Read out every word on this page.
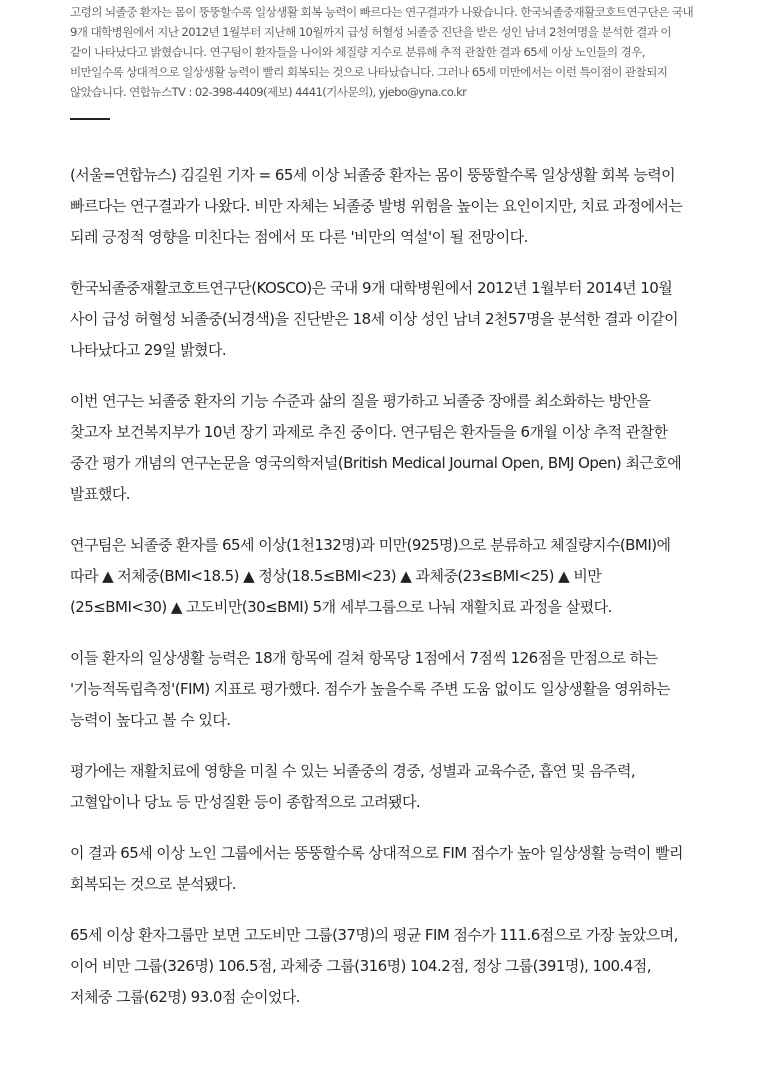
고령의 뇌졸중 환자는 몸이 뚱뚱할수록 일상생활 회복 능력이 빠르다는 연구결과가 나왔습니다. 한국뇌졸중재활코호트연구단은 국내 9개 대학병원에서 지난 2012년 1월부터 지난해 10월까지 급성 허혈성 뇌졸중 진단을 받은 성인 남녀 2천여명을 분석한 결과 이 같이 나타났다고 밝혔습니다. 연구팀이 환자들을 나이와 체질량 지수로 분류해 추적 관찰한 결과 65세 이상 노인들의 경우, 비만일수록 상대적으로 일상생활 능력이 빨리 회복되는 것으로 나타났습니다. 그러나 65세 미만에서는 이런 특이점이 관찰되지 않았습니다. 연합뉴스TV : 02-398-4409(제보) 4441(기사문의), yjebo@yna.co.kr

(서울=연합뉴스) 김길원 기자 = 65세 이상 뇌졸중 환자는 몸이 뚱뚱할수록 일상생활 회복 능력이 빠르다는 연구결과가 나왔다. 비만 자체는 뇌졸중 발병 위험을 높이는 요인이지만, 치료 과정에서는 되레 긍정적 영향을 미친다는 점에서 또 다른 '비만의 역설'이 될 전망이다.

한국뇌졸중재활코호트연구단(KOSCO)은 국내 9개 대학병원에서 2012년 1월부터 2014년 10월 사이 급성 허혈성 뇌졸중(뇌경색)을 진단받은 18세 이상 성인 남녀 2천57명을 분석한 결과 이같이 나타났다고 29일 밝혔다.

이번 연구는 뇌졸중 환자의 기능 수준과 삶의 질을 평가하고 뇌졸중 장애를 최소화하는 방안을 찾고자 보건복지부가 10년 장기 과제로 추진 중이다. 연구팀은 환자들을 6개월 이상 추적 관찰한 중간 평가 개념의 연구논문을 영국의학저널(British Medical Journal Open, BMJ Open) 최근호에 발표했다.

연구팀은 뇌졸중 환자를 65세 이상(1천132명)과 미만(925명)으로 분류하고 체질량지수(BMI)에 따라 ▲ 저체중(BMI<18.5) ▲ 정상(18.5≤BMI<23) ▲ 과체중(23≤BMI<25) ▲ 비만(25≤BMI<30) ▲ 고도비만(30≤BMI) 5개 세부그룹으로 나눠 재활치료 과정을 살폈다.

이들 환자의 일상생활 능력은 18개 항목에 걸쳐 항목당 1점에서 7점씩 126점을 만점으로 하는 '기능적독립측정'(FIM) 지표로 평가했다. 점수가 높을수록 주변 도움 없이도 일상생활을 영위하는 능력이 높다고 볼 수 있다.

평가에는 재활치료에 영향을 미칠 수 있는 뇌졸중의 경중, 성별과 교육수준, 흡연 및 음주력, 고혈압이나 당뇨 등 만성질환 등이 종합적으로 고려됐다.

이 결과 65세 이상 노인 그룹에서는 뚱뚱할수록 상대적으로 FIM 점수가 높아 일상생활 능력이 빨리 회복되는 것으로 분석됐다.

65세 이상 환자그룹만 보면 고도비만 그룹(37명)의 평균 FIM 점수가 111.6점으로 가장 높았으며, 이어 비만 그룹(326명) 106.5점, 과체중 그룹(316명) 104.2점, 정상 그룹(391명), 100.4점, 저체중 그룹(62명) 93.0점 순이었다.
